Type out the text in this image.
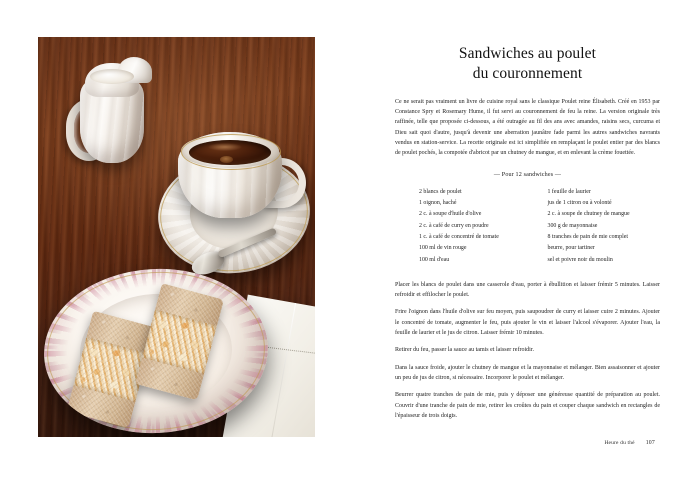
Sandwiches au poulet
du couronnement

Ce ne serait pas vraiment un livre de cuisine royal sans le classique Poulet reine Élisabeth. Créé en 1953 par Constance Spry et Rosemary Hume, il fut servi au couronnement de feu la reine. La version originale très raffinée, telle que proposée ci-dessous, a été outragée au fil des ans avec amandes, raisins secs, curcuma et Dieu sait quoi d'autre, jusqu'à devenir une aberration jaunâtre fade parmi les autres sandwiches navrants vendus en station-service. La recette originale est ici simplifiée en remplaçant le poulet entier par des blancs de poulet pochés, la compotée d'abricot par un chutney de mangue, et en enlevant la crème fouettée.

— Pour 12 sandwiches —
2 blancs de poulet
1 oignon, haché
2 c. à soupe d'huile d'olive
2 c. à café de curry en poudre
1 c. à café de concentré de tomate
100 ml de vin rouge
100 ml d'eau
1 feuille de laurier
jus de 1 citron ou à volonté
2 c. à soupe de chutney de mangue
300 g de mayonnaise
8 tranches de pain de mie complet
beurre, pour tartiner
sel et poivre noir du moulin

Placer les blancs de poulet dans une casserole d'eau, porter à ébullition et laisser frémir 5 minutes. Laisser refroidir et effilocher le poulet.

Frire l'oignon dans l'huile d'olive sur feu moyen, puis saupoudrer de curry et laisser cuire 2 minutes. Ajouter le concentré de tomate, augmenter le feu, puis ajouter le vin et laisser l'alcool s'évaporer. Ajouter l'eau, la feuille de laurier et le jus de citron. Laisser frémir 10 minutes.

Retirer du feu, passer la sauce au tamis et laisser refroidir.

Dans la sauce froide, ajouter le chutney de mangue et la mayonnaise et mélanger. Bien assaisonner et ajouter un peu de jus de citron, si nécessaire. Incorporer le poulet et mélanger.

Beurrer quatre tranches de pain de mie, puis y déposer une généreuse quantité de préparation au poulet. Couvrir d'une tranche de pain de mie, retirer les croûtes du pain et couper chaque sandwich en rectangles de l'épaisseur de trois doigts.

Heure du thé 107
